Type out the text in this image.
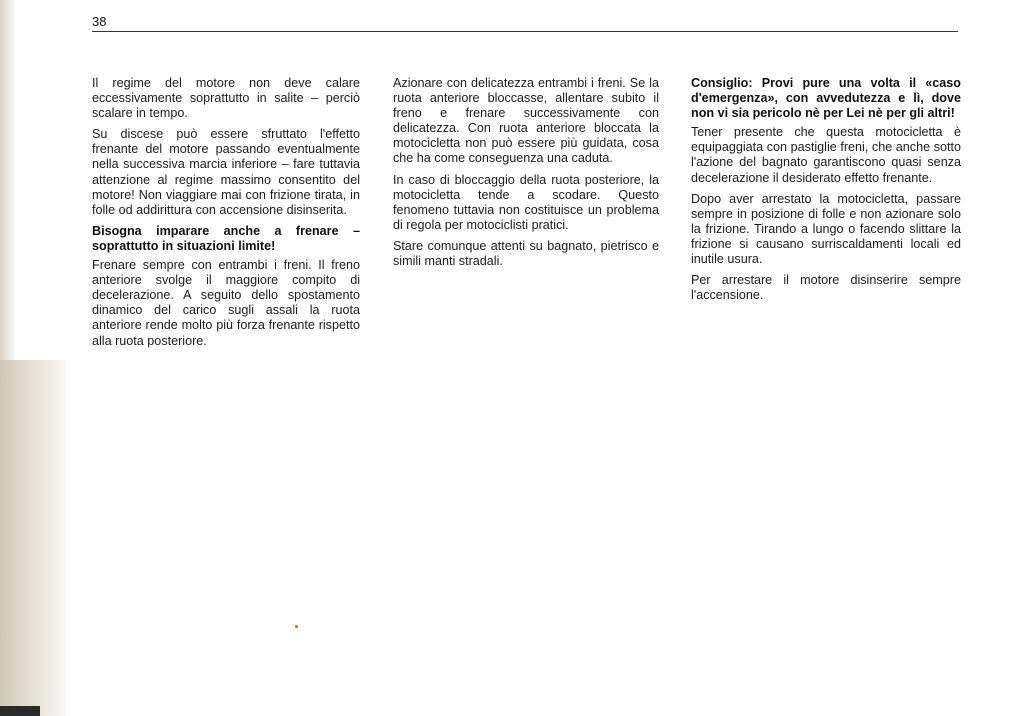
38

Il regime del motore non deve calare eccessivamente soprattutto in salite – perciò scalare in tempo.

Su discese può essere sfruttato l'effetto frenante del motore passando eventualmente nella successiva marcia inferiore – fare tuttavia attenzione al regime massimo consentito del motore! Non viaggiare mai con frizione tirata, in folle od addirittura con accensione disinserita.

Bisogna imparare anche a frenare – soprattutto in situazioni limite!

Frenare sempre con entrambi i freni. Il freno anteriore svolge il maggiore compito di decelerazione. A seguito dello spostamento dinamico del carico sugli assali la ruota anteriore rende molto più forza frenante rispetto alla ruota posteriore.

Azionare con delicatezza entrambi i freni. Se la ruota anteriore bloccasse, allentare subito il freno e frenare successivamente con delicatezza. Con ruota anteriore bloccata la motocicletta non può essere più guidata, cosa che ha come conseguenza una caduta.

In caso di bloccaggio della ruota posteriore, la motocicletta tende a scodare. Questo fenomeno tuttavia non costituisce un problema di regola per motociclisti pratici.

Stare comunque attenti su bagnato, pietrisco e simili manti stradali.

Consiglio: Provi pure una volta il «caso d'emergenza», con avvedutezza e lì, dove non vi sia pericolo nè per Lei nè per gli altri!

Tener presente che questa motocicletta è equipaggiata con pastiglie freni, che anche sotto l'azione del bagnato garantiscono quasi senza decelerazione il desiderato effetto frenante.

Dopo aver arrestato la motocicletta, passare sempre in posizione di folle e non azionare solo la frizione. Tirando a lungo o facendo slittare la frizione si causano surriscaldamenti locali ed inutile usura.

Per arrestare il motore disinserire sempre l'accensione.
